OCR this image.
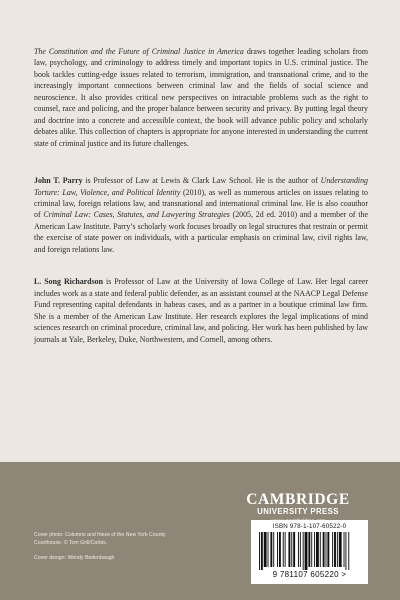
The Constitution and the Future of Criminal Justice in America draws together leading scholars from law, psychology, and criminology to address timely and important topics in U.S. criminal justice. The book tackles cutting-edge issues related to terrorism, immigration, and transnational crime, and to the increasingly important connections between criminal law and the fields of social science and neuroscience. It also provides critical new perspectives on intractable problems such as the right to counsel, race and policing, and the proper balance between security and privacy. By putting legal theory and doctrine into a concrete and accessible context, the book will advance public policy and scholarly debates alike. This collection of chapters is appropriate for anyone interested in understanding the current state of criminal justice and its future challenges.

John T. Parry is Professor of Law at Lewis & Clark Law School. He is the author of Understanding Torture: Law, Violence, and Political Identity (2010), as well as numerous articles on issues relating to criminal law, foreign relations law, and transnational and international criminal law. He is also coauthor of Criminal Law: Cases, Statutes, and Lawyering Strategies (2005, 2d ed. 2010) and a member of the American Law Institute. Parry’s scholarly work focuses broadly on legal structures that restrain or permit the exercise of state power on individuals, with a particular emphasis on criminal law, civil rights law, and foreign relations law.

L. Song Richardson is Professor of Law at the University of Iowa College of Law. Her legal career includes work as a state and federal public defender, as an assistant counsel at the NAACP Legal Defense Fund representing capital defendants in habeas cases, and as a partner in a boutique criminal law firm. She is a member of the American Law Institute. Her research explores the legal implications of mind sciences research on criminal procedure, criminal law, and policing. Her work has been published by law journals at Yale, Berkeley, Duke, Northwestern, and Cornell, among others.

CAMBRIDGE
UNIVERSITY PRESS

Cover photo: Columns and frieze of the New York County Courthouse. © Tom Grill/Corbis.

Cover design: Wendy Bedenbaugh

ISBN 978-1-107-60522-0
9 781107 605220 >
